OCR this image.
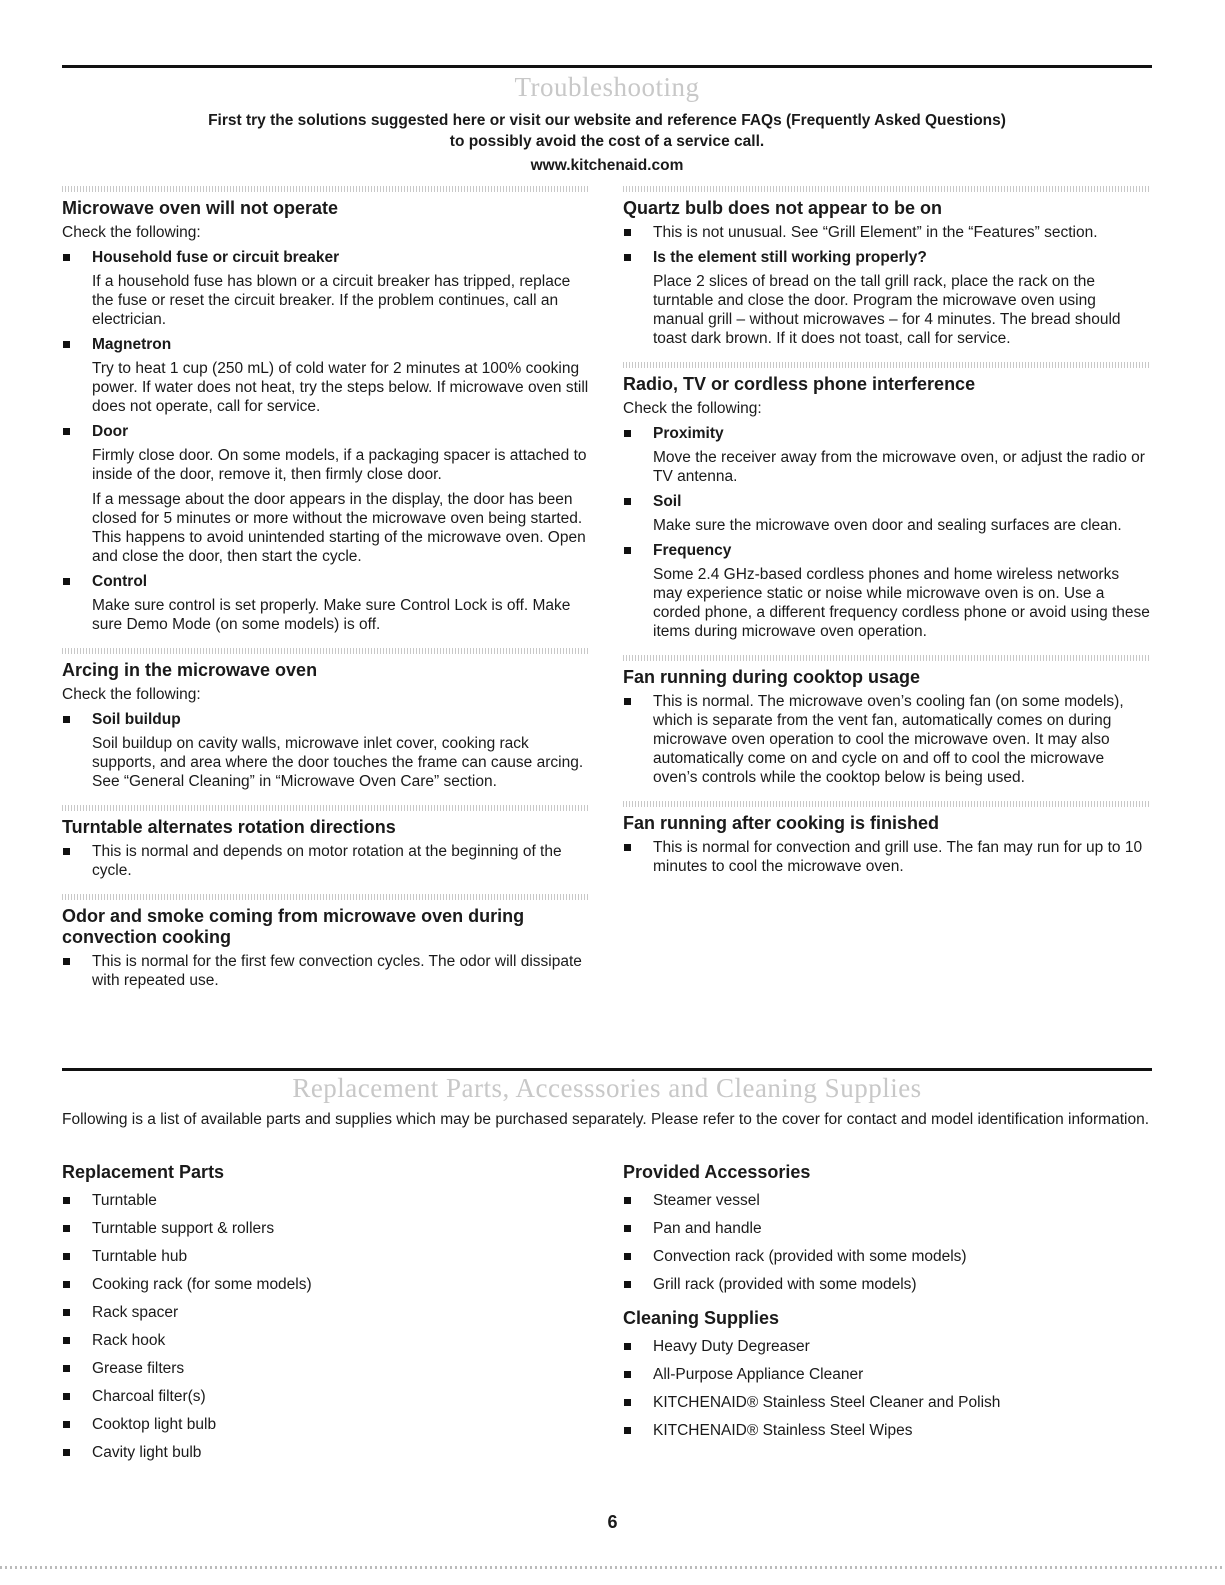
Troubleshooting
First try the solutions suggested here or visit our website and reference FAQs (Frequently Asked Questions)
to possibly avoid the cost of a service call.
www.kitchenaid.com
Microwave oven will not operate
Check the following:
Household fuse or circuit breaker

If a household fuse has blown or a circuit breaker has tripped, replace the fuse or reset the circuit breaker. If the problem continues, call an electrician.

Magnetron

Try to heat 1 cup (250 mL) of cold water for 2 minutes at 100% cooking power. If water does not heat, try the steps below. If microwave oven still does not operate, call for service.

Door

Firmly close door. On some models, if a packaging spacer is attached to inside of the door, remove it, then firmly close door.

If a message about the door appears in the display, the door has been closed for 5 minutes or more without the microwave oven being started. This happens to avoid unintended starting of the microwave oven. Open and close the door, then start the cycle.

Control

Make sure control is set properly. Make sure Control Lock is off. Make sure Demo Mode (on some models) is off.

Arcing in the microwave oven
Check the following:
Soil buildup

Soil buildup on cavity walls, microwave inlet cover, cooking rack supports, and area where the door touches the frame can cause arcing. See “General Cleaning” in “Microwave Oven Care” section.

Turntable alternates rotation directions

This is normal and depends on motor rotation at the beginning of the cycle.

Odor and smoke coming from microwave oven during convection cooking

This is normal for the first few convection cycles. The odor will dissipate with repeated use.

Quartz bulb does not appear to be on

This is not unusual. See “Grill Element” in the “Features” section.

Is the element still working properly?

Place 2 slices of bread on the tall grill rack, place the rack on the turntable and close the door. Program the microwave oven using manual grill – without microwaves – for 4 minutes. The bread should toast dark brown. If it does not toast, call for service.

Radio, TV or cordless phone interference
Check the following:
Proximity

Move the receiver away from the microwave oven, or adjust the radio or TV antenna.

Soil

Make sure the microwave oven door and sealing surfaces are clean.

Frequency

Some 2.4 GHz-based cordless phones and home wireless networks may experience static or noise while microwave oven is on. Use a corded phone, a different frequency cordless phone or avoid using these items during microwave oven operation.

Fan running during cooktop usage

This is normal. The microwave oven’s cooling fan (on some models), which is separate from the vent fan, automatically comes on during microwave oven operation to cool the microwave oven. It may also automatically come on and cycle on and off to cool the microwave oven’s controls while the cooktop below is being used.

Fan running after cooking is finished

This is normal for convection and grill use. The fan may run for up to 10 minutes to cool the microwave oven.

Replacement Parts, Accesssories and Cleaning Supplies
Following is a list of available parts and supplies which may be purchased separately. Please refer to the cover for contact and model identification information.
Replacement Parts
Turntable
Turntable support & rollers
Turntable hub
Cooking rack (for some models)
Rack spacer
Rack hook
Grease filters
Charcoal filter(s)
Cooktop light bulb
Cavity light bulb
Provided Accessories
Steamer vessel
Pan and handle
Convection rack (provided with some models)
Grill rack (provided with some models)
Cleaning Supplies
Heavy Duty Degreaser
All-Purpose Appliance Cleaner
KITCHENAID® Stainless Steel Cleaner and Polish
KITCHENAID® Stainless Steel Wipes
6
